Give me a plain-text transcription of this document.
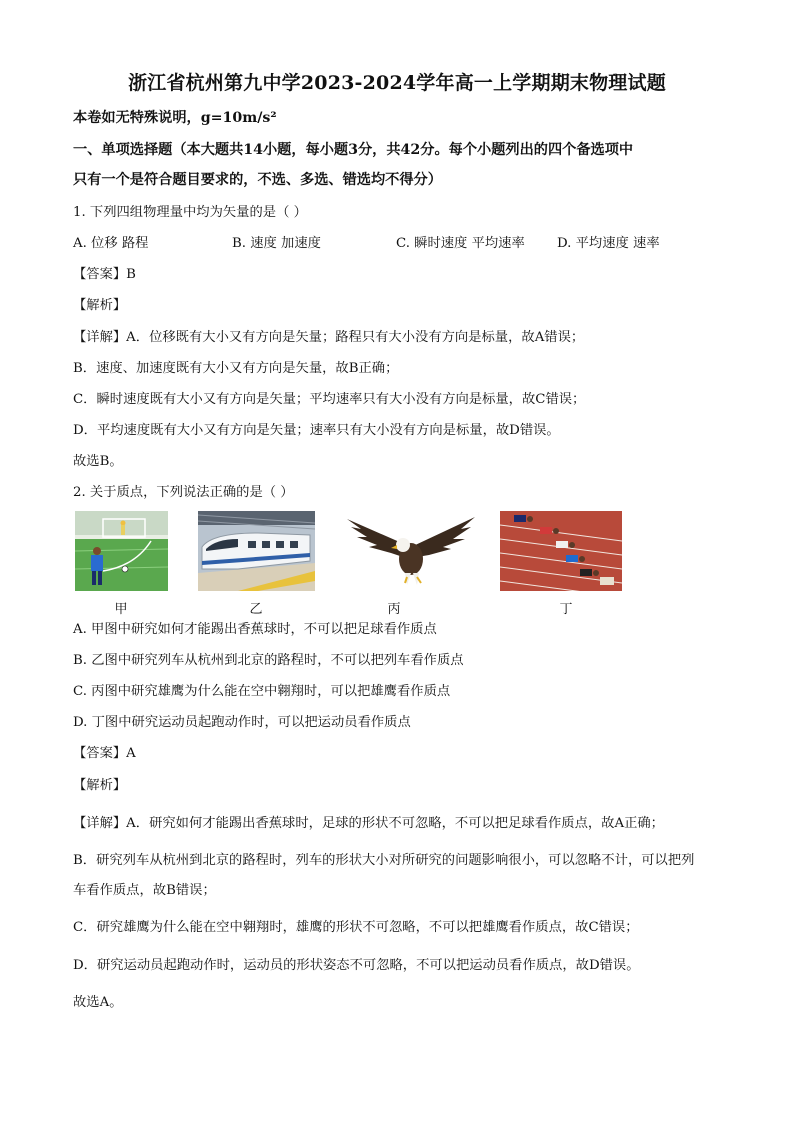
浙江省杭州第九中学2023-2024学年高一上学期期末物理试题
本卷如无特殊说明，g=10m/s²
一、单项选择题（本大题共14小题，每小题3分，共42分。每个小题列出的四个备选项中
只有一个是符合题目要求的，不选、多选、错选均不得分）
1. 下列四组物理量中均为矢量的是（ ）
A. 位移 路程	B. 速度 加速度	C. 瞬时速度 平均速率 D. 平均速度 速率
【答案】B
【解析】
【详解】A．位移既有大小又有方向是矢量；路程只有大小没有方向是标量，故A错误；
B．速度、加速度既有大小又有方向是矢量，故B正确；
C．瞬时速度既有大小又有方向是矢量；平均速率只有大小没有方向是标量，故C错误；
D．平均速度既有大小又有方向是矢量；速率只有大小没有方向是标量，故D错误。
故选B。
2. 关于质点，下列说法正确的是（ ）
甲	乙	丙	丁
A. 甲图中研究如何才能踢出香蕉球时，不可以把足球看作质点
B. 乙图中研究列车从杭州到北京的路程时，不可以把列车看作质点
C. 丙图中研究雄鹰为什么能在空中翱翔时，可以把雄鹰看作质点
D. 丁图中研究运动员起跑动作时，可以把运动员看作质点
【答案】A
【解析】
【详解】A．研究如何才能踢出香蕉球时，足球的形状不可忽略，不可以把足球看作质点，故A正确；
B．研究列车从杭州到北京的路程时，列车的形状大小对所研究的问题影响很小，可以忽略不计，可以把列
车看作质点，故B错误；
C．研究雄鹰为什么能在空中翱翔时，雄鹰的形状不可忽略，不可以把雄鹰看作质点，故C错误；
D．研究运动员起跑动作时，运动员的形状姿态不可忽略，不可以把运动员看作质点，故D错误。
故选A。
